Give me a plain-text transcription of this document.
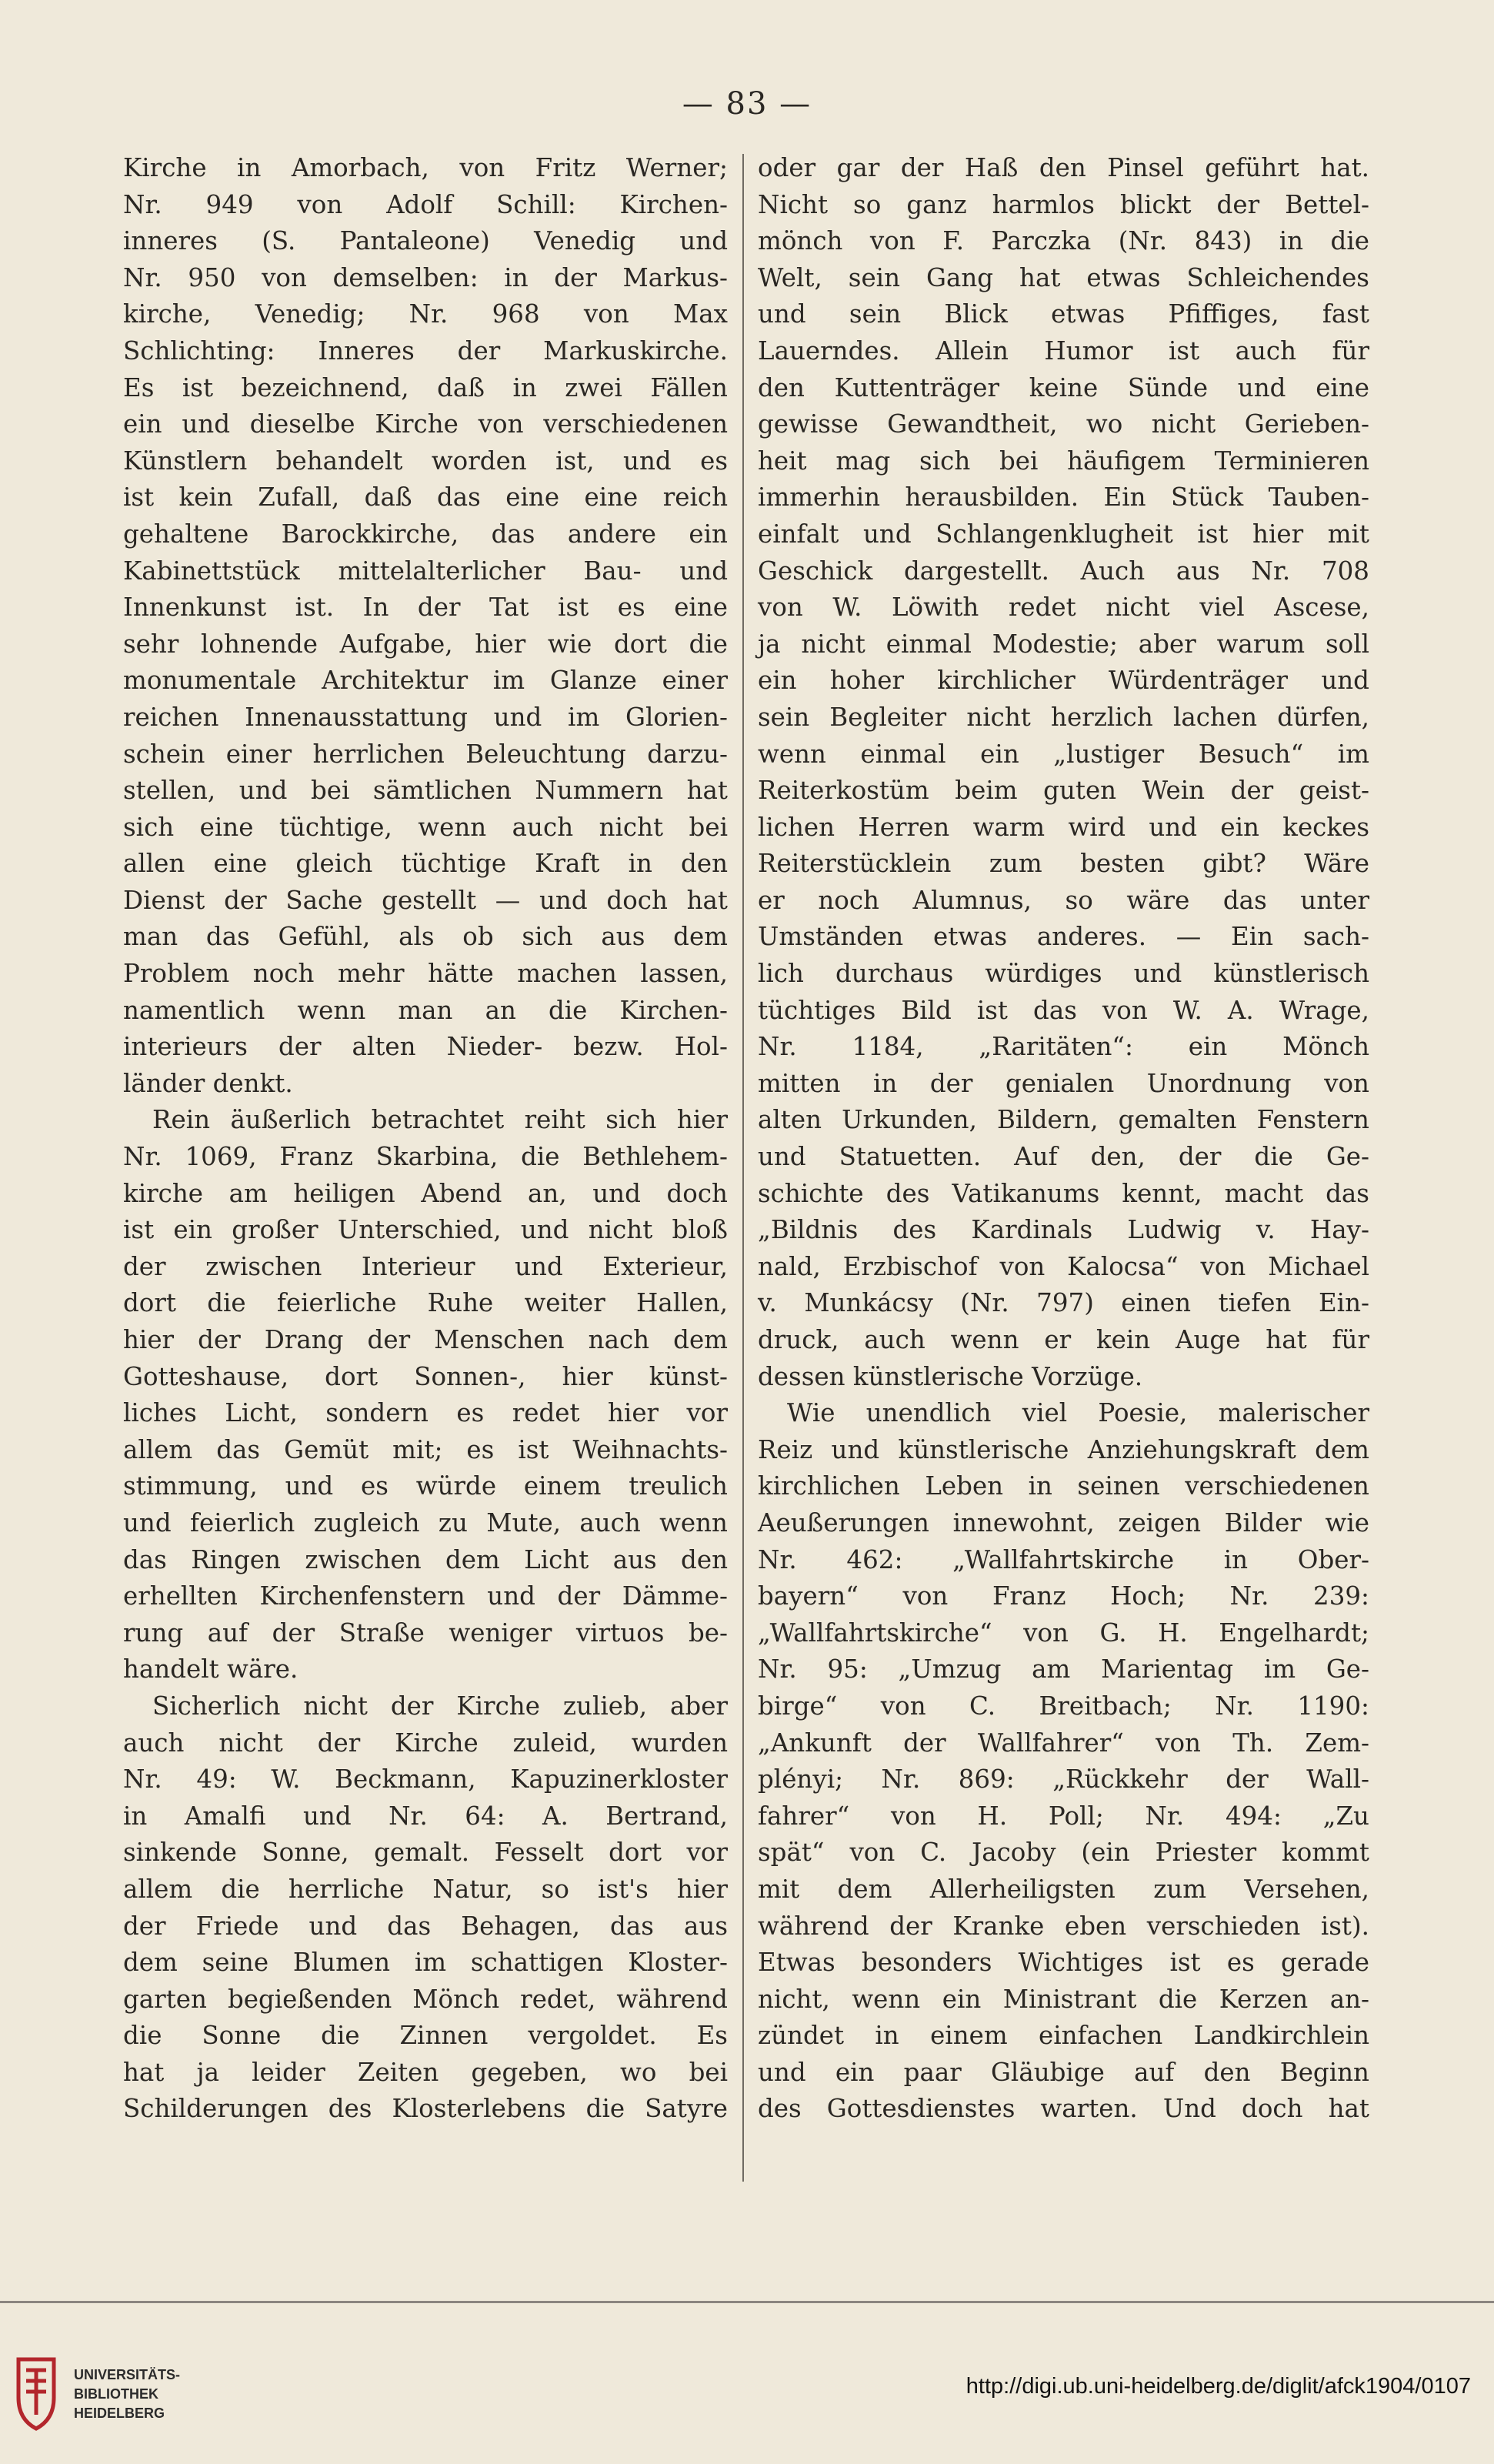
— 83 —
Kirche in Amorbach, von Fritz Werner;
Nr. 949 von Adolf Schill: Kirchen-
inneres (S. Pantaleone) Venedig und
Nr. 950 von demselben: in der Markus-
kirche, Venedig; Nr. 968 von Max
Schlichting: Inneres der Markuskirche.
Es ist bezeichnend, daß in zwei Fällen
ein und dieselbe Kirche von verschiedenen
Künstlern behandelt worden ist, und es
ist kein Zufall, daß das eine eine reich
gehaltene Barockkirche, das andere ein
Kabinettstück mittelalterlicher Bau- und
Innenkunst ist. In der Tat ist es eine
sehr lohnende Aufgabe, hier wie dort die
monumentale Architektur im Glanze einer
reichen Innenausstattung und im Glorien-
schein einer herrlichen Beleuchtung darzu-
stellen, und bei sämtlichen Nummern hat
sich eine tüchtige, wenn auch nicht bei
allen eine gleich tüchtige Kraft in den
Dienst der Sache gestellt — und doch hat
man das Gefühl, als ob sich aus dem
Problem noch mehr hätte machen lassen,
namentlich wenn man an die Kirchen-
interieurs der alten Nieder- bezw. Hol-
länder denkt.
Rein äußerlich betrachtet reiht sich hier
Nr. 1069, Franz Skarbina, die Bethlehem-
kirche am heiligen Abend an, und doch
ist ein großer Unterschied, und nicht bloß
der zwischen Interieur und Exterieur,
dort die feierliche Ruhe weiter Hallen,
hier der Drang der Menschen nach dem
Gotteshause, dort Sonnen-, hier künst-
liches Licht, sondern es redet hier vor
allem das Gemüt mit; es ist Weihnachts-
stimmung, und es würde einem treulich
und feierlich zugleich zu Mute, auch wenn
das Ringen zwischen dem Licht aus den
erhellten Kirchenfenstern und der Dämme-
rung auf der Straße weniger virtuos be-
handelt wäre.
Sicherlich nicht der Kirche zulieb, aber
auch nicht der Kirche zuleid, wurden
Nr. 49: W. Beckmann, Kapuzinerkloster
in Amalfi und Nr. 64: A. Bertrand,
sinkende Sonne, gemalt. Fesselt dort vor
allem die herrliche Natur, so ist's hier
der Friede und das Behagen, das aus
dem seine Blumen im schattigen Kloster-
garten begießenden Mönch redet, während
die Sonne die Zinnen vergoldet. Es
hat ja leider Zeiten gegeben, wo bei
Schilderungen des Klosterlebens die Satyre
oder gar der Haß den Pinsel geführt hat.
Nicht so ganz harmlos blickt der Bettel-
mönch von F. Parczka (Nr. 843) in die
Welt, sein Gang hat etwas Schleichendes
und sein Blick etwas Pfiffiges, fast
Lauerndes. Allein Humor ist auch für
den Kuttenträger keine Sünde und eine
gewisse Gewandtheit, wo nicht Gerieben-
heit mag sich bei häufigem Terminieren
immerhin herausbilden. Ein Stück Tauben-
einfalt und Schlangenklugheit ist hier mit
Geschick dargestellt. Auch aus Nr. 708
von W. Löwith redet nicht viel Ascese,
ja nicht einmal Modestie; aber warum soll
ein hoher kirchlicher Würdenträger und
sein Begleiter nicht herzlich lachen dürfen,
wenn einmal ein „lustiger Besuch“ im
Reiterkostüm beim guten Wein der geist-
lichen Herren warm wird und ein keckes
Reiterstücklein zum besten gibt? Wäre
er noch Alumnus, so wäre das unter
Umständen etwas anderes. — Ein sach-
lich durchaus würdiges und künstlerisch
tüchtiges Bild ist das von W. A. Wrage,
Nr. 1184, „Raritäten“: ein Mönch
mitten in der genialen Unordnung von
alten Urkunden, Bildern, gemalten Fenstern
und Statuetten. Auf den, der die Ge-
schichte des Vatikanums kennt, macht das
„Bildnis des Kardinals Ludwig v. Hay-
nald, Erzbischof von Kalocsa“ von Michael
v. Munkácsy (Nr. 797) einen tiefen Ein-
druck, auch wenn er kein Auge hat für
dessen künstlerische Vorzüge.
Wie unendlich viel Poesie, malerischer
Reiz und künstlerische Anziehungskraft dem
kirchlichen Leben in seinen verschiedenen
Aeußerungen innewohnt, zeigen Bilder wie
Nr. 462: „Wallfahrtskirche in Ober-
bayern“ von Franz Hoch; Nr. 239:
„Wallfahrtskirche“ von G. H. Engelhardt;
Nr. 95: „Umzug am Marientag im Ge-
birge“ von C. Breitbach; Nr. 1190:
„Ankunft der Wallfahrer“ von Th. Zem-
plényi; Nr. 869: „Rückkehr der Wall-
fahrer“ von H. Poll; Nr. 494: „Zu
spät“ von C. Jacoby (ein Priester kommt
mit dem Allerheiligsten zum Versehen,
während der Kranke eben verschieden ist).
Etwas besonders Wichtiges ist es gerade
nicht, wenn ein Ministrant die Kerzen an-
zündet in einem einfachen Landkirchlein
und ein paar Gläubige auf den Beginn
des Gottesdienstes warten. Und doch hat
UNIVERSITÄTS-
BIBLIOTHEK
HEIDELBERG
http://digi.ub.uni-heidelberg.de/diglit/afck1904/0107
